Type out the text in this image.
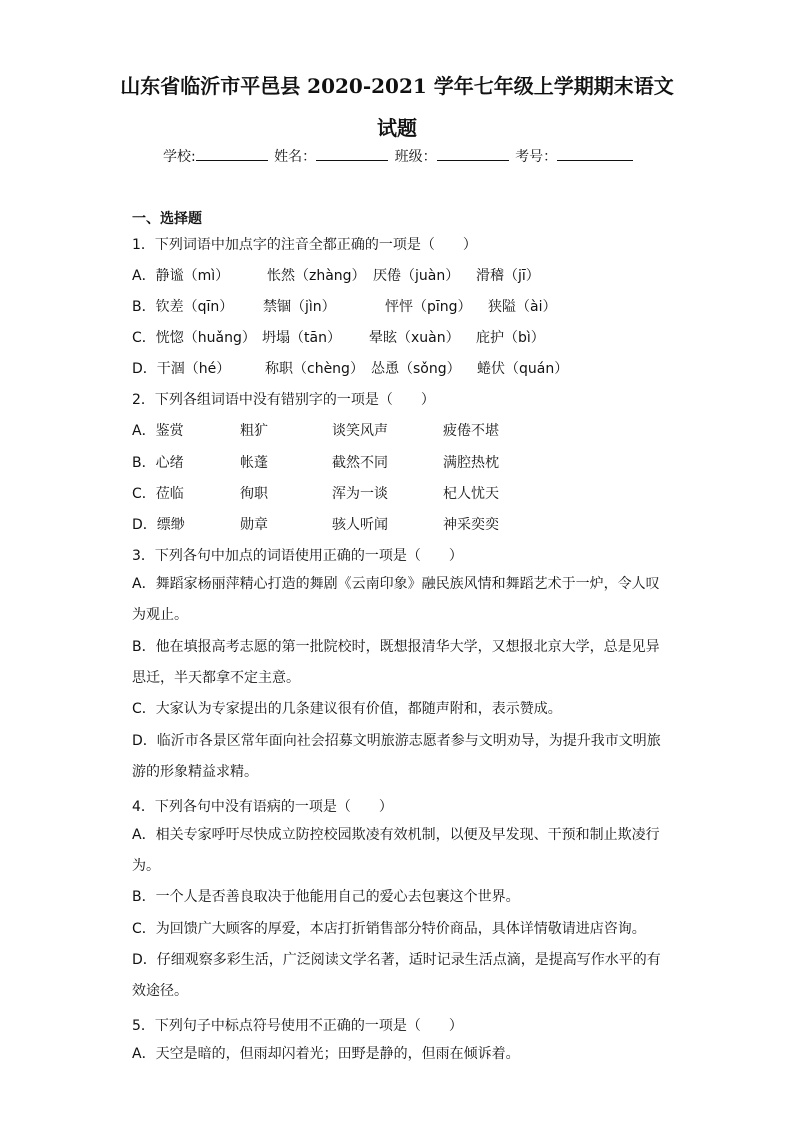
山东省临沂市平邑县 2020-2021 学年七年级上学期期末语文
试题
学校:	姓名：	班级：	考号：
一、选择题
1．下列词语中加点字的注音全都正确的一项是（　　）
A．静谧（mì）	怅然（zhàng） 厌倦（juàn） 滑稽（jī）
B．钦差（qīn） 禁锢（jìn）	怦怦（pīng） 狭隘（ài）
C．恍惚（huǎng） 坍塌（tān） 晕眩（xuàn） 庇护（bì）
D．干涸（hé） 称职（chèng） 怂恿（sǒng） 蜷伏（quán）
2．下列各组词语中没有错别字的一项是（　　）
A．鉴赏	粗犷	谈笑风声	疲倦不堪
B．心绪	帐蓬	截然不同	满腔热枕
C．莅临	徇职	浑为一谈	杞人忧天
D．缥缈	勋章	骇人听闻	神采奕奕
3．下列各句中加点的词语使用正确的一项是（　　）
A．舞蹈家杨丽萍精心打造的舞剧《云南印象》融民族风情和舞蹈艺术于一炉，令人叹为观止。
B．他在填报高考志愿的第一批院校时，既想报清华大学，又想报北京大学，总是见异思迁，半天都拿不定主意。
C．大家认为专家提出的几条建议很有价值，都随声附和，表示赞成。
D．临沂市各景区常年面向社会招募文明旅游志愿者参与文明劝导，为提升我市文明旅游的形象精益求精。
4．下列各句中没有语病的一项是（　　）
A．相关专家呼吁尽快成立防控校园欺凌有效机制，以便及早发现、干预和制止欺凌行为。
B．一个人是否善良取决于他能用自己的爱心去包裹这个世界。
C．为回馈广大顾客的厚爱，本店打折销售部分特价商品，具体详情敬请进店咨询。
D．仔细观察多彩生活，广泛阅读文学名著，适时记录生活点滴，是提高写作水平的有效途径。
5．下列句子中标点符号使用不正确的一项是（　　）
A．天空是暗的，但雨却闪着光；田野是静的，但雨在倾诉着。
